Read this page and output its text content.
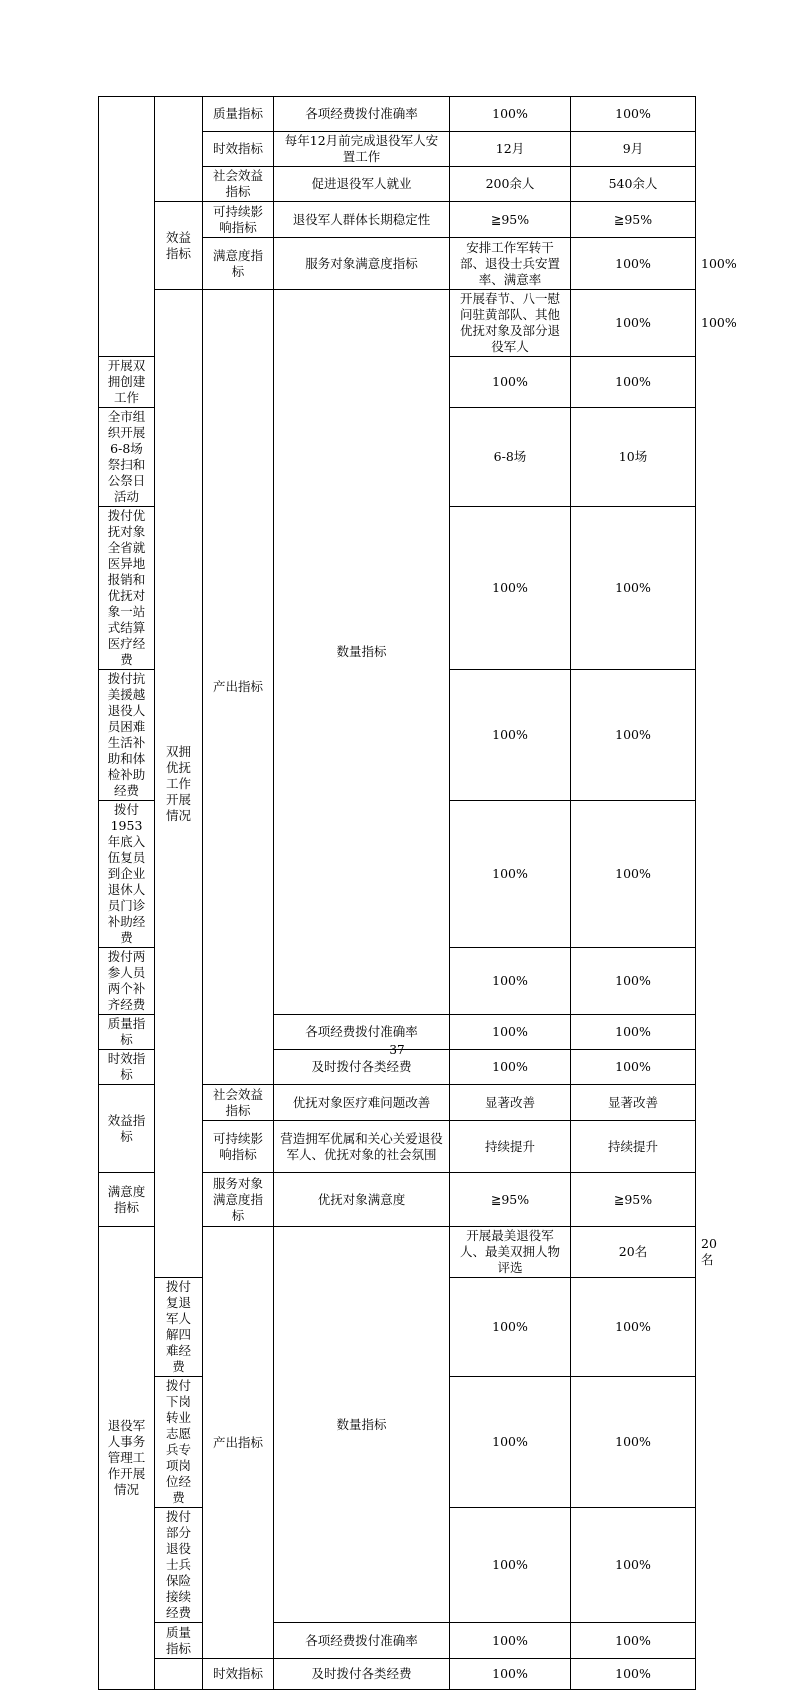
		质量指标	各项经费拨付准确率	100%	100%	
		时效指标	每年12月前完成退役军人安置工作	12月	9月	
		社会效益指标	促进退役军人就业	200余人	540余人	
	效益指标	可持续影响指标	退役军人群体长期稳定性	≧95%	≧95%	
		满意度指标	服务对象满意度指标	安排工作军转干部、退役士兵安置率、满意率	100%	100%
	双拥优抚工作开展情况	产出指标	数量指标	开展春节、八一慰问驻黄部队、其他优抚对象及部分退役军人	100%	100%
开展双拥创建工作				100%	100%	
全市组织开展6-8场祭扫和公祭日活动				6-8场	10场	
拨付优抚对象全省就医异地报销和优抚对象一站式结算医疗经费				100%	100%	
拨付抗美援越退役人员困难生活补助和体检补助经费				100%	100%	
拨付1953年底入伍复员到企业退休人员门诊补助经费				100%	100%	
拨付两参人员两个补齐经费				100%	100%	
质量指标			各项经费拨付准确率	100%	100%	
时效指标			及时拨付各类经费	100%	100%	
效益指标		社会效益指标	优抚对象医疗难问题改善	显著改善	显著改善	
		可持续影响指标	营造拥军优属和关心关爱退役军人、优抚对象的社会氛围	持续提升	持续提升	
满意度指标		服务对象满意度指标	优抚对象满意度	≧95%	≧95%	
退役军人事务管理工作开展情况		产出指标	数量指标	开展最美退役军人、最美双拥人物评选	20名	20名
	拨付复退军人解四难经费			100%	100%	
	拨付下岗转业志愿兵专项岗位经费			100%	100%	
	拨付部分退役士兵保险接续经费			100%	100%	
	质量指标		各项经费拨付准确率	100%	100%	
		时效指标	及时拨付各类经费	100%	100%	
37
